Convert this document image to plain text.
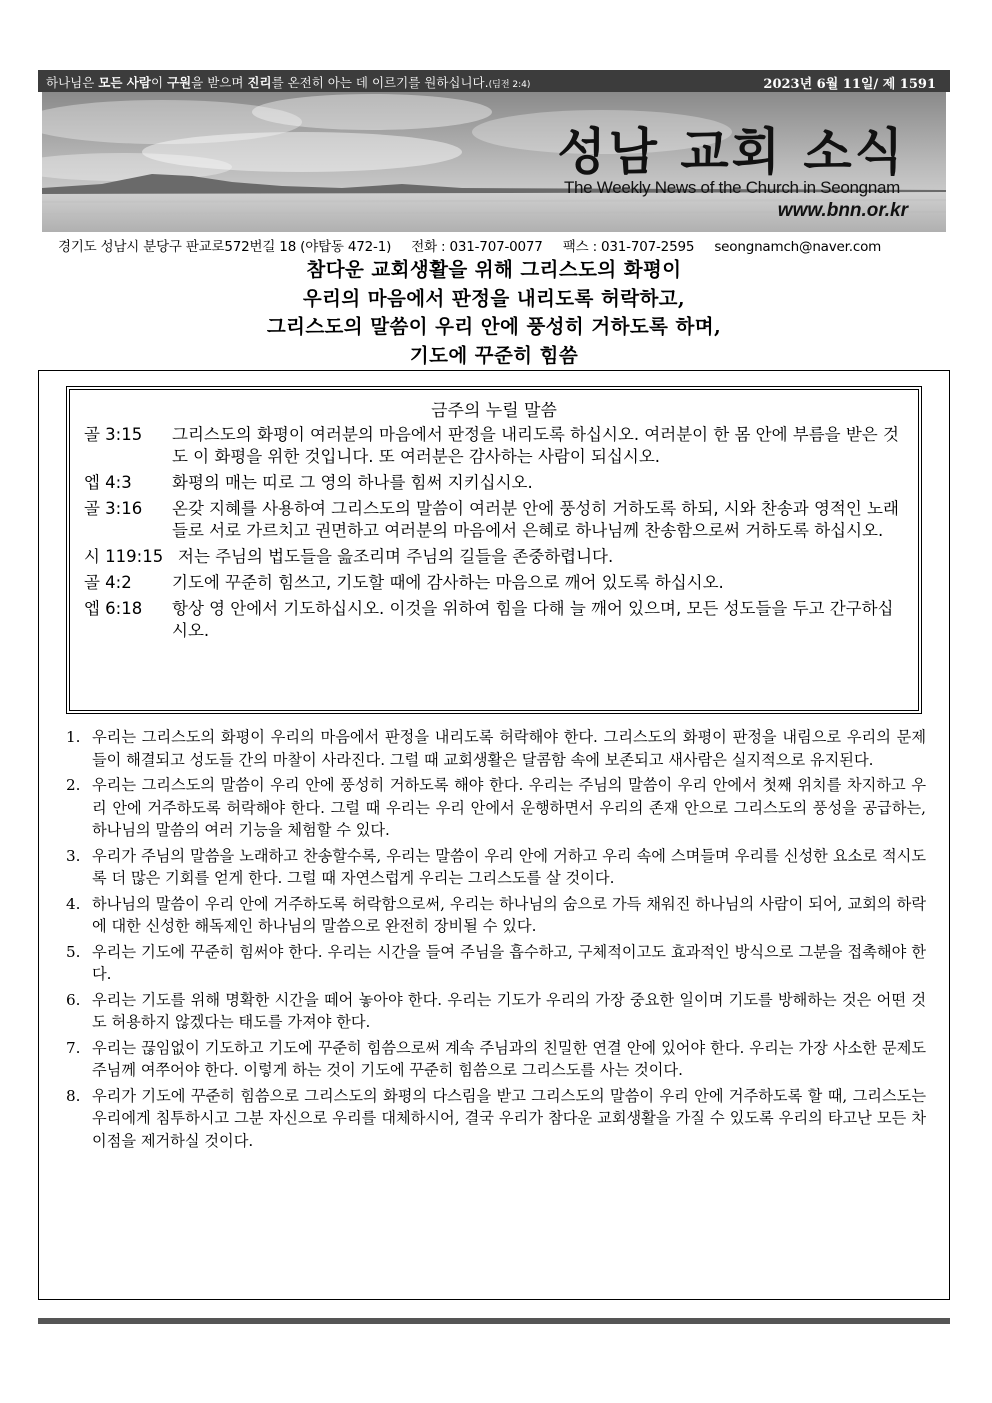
하나님은 모든 사람이 구원을 받으며 진리를 온전히 아는 데 이르기를 원하십니다.(딤전 2:4)	2023년 6월 11일/ 제 1591
성남 교회 소식
The Weekly News of the Church in Seongnam
www.bnn.or.kr
경기도 성남시 분당구 판교로572번길 18 (야탑동 472-1) 전화 : 031-707-0077 팩스 : 031-707-2595 seongnamch@naver.com
참다운 교회생활을 위해 그리스도의 화평이
우리의 마음에서 판정을 내리도록 허락하고,
그리스도의 말씀이 우리 안에 풍성히 거하도록 하며,
기도에 꾸준히 힘씀
금주의 누릴 말씀
골 3:15	그리스도의 화평이 여러분의 마음에서 판정을 내리도록 하십시오. 여러분이 한 몸 안에 부름을 받은 것도 이 화평을 위한 것입니다. 또 여러분은 감사하는 사람이 되십시오.
엡 4:3	화평의 매는 띠로 그 영의 하나를 힘써 지키십시오.
골 3:16	온갖 지혜를 사용하여 그리스도의 말씀이 여러분 안에 풍성히 거하도록 하되, 시와 찬송과 영적인 노래들로 서로 가르치고 권면하고 여러분의 마음에서 은혜로 하나님께 찬송함으로써 거하도록 하십시오.
시 119:15 저는 주님의 법도들을 읊조리며 주님의 길들을 존중하렵니다.
골 4:2	기도에 꾸준히 힘쓰고, 기도할 때에 감사하는 마음으로 깨어 있도록 하십시오.
엡 6:18	항상 영 안에서 기도하십시오. 이것을 위하여 힘을 다해 늘 깨어 있으며, 모든 성도들을 두고 간구하십시오.
1. 우리는 그리스도의 화평이 우리의 마음에서 판정을 내리도록 허락해야 한다. 그리스도의 화평이 판정을 내림으로 우리의 문제들이 해결되고 성도들 간의 마찰이 사라진다. 그럴 때 교회생활은 달콤함 속에 보존되고 새사람은 실지적으로 유지된다.
2. 우리는 그리스도의 말씀이 우리 안에 풍성히 거하도록 해야 한다. 우리는 주님의 말씀이 우리 안에서 첫째 위치를 차지하고 우리 안에 거주하도록 허락해야 한다. 그럴 때 우리는 우리 안에서 운행하면서 우리의 존재 안으로 그리스도의 풍성을 공급하는, 하나님의 말씀의 여러 기능을 체험할 수 있다.
3. 우리가 주님의 말씀을 노래하고 찬송할수록, 우리는 말씀이 우리 안에 거하고 우리 속에 스며들며 우리를 신성한 요소로 적시도록 더 많은 기회를 얻게 한다. 그럴 때 자연스럽게 우리는 그리스도를 살 것이다.
4. 하나님의 말씀이 우리 안에 거주하도록 허락함으로써, 우리는 하나님의 숨으로 가득 채워진 하나님의 사람이 되어, 교회의 하락에 대한 신성한 해독제인 하나님의 말씀으로 완전히 장비될 수 있다.
5. 우리는 기도에 꾸준히 힘써야 한다. 우리는 시간을 들여 주님을 흡수하고, 구체적이고도 효과적인 방식으로 그분을 접촉해야 한다.
6. 우리는 기도를 위해 명확한 시간을 떼어 놓아야 한다. 우리는 기도가 우리의 가장 중요한 일이며 기도를 방해하는 것은 어떤 것도 허용하지 않겠다는 태도를 가져야 한다.
7. 우리는 끊임없이 기도하고 기도에 꾸준히 힘씀으로써 계속 주님과의 친밀한 연결 안에 있어야 한다. 우리는 가장 사소한 문제도 주님께 여쭈어야 한다. 이렇게 하는 것이 기도에 꾸준히 힘씀으로 그리스도를 사는 것이다.
8. 우리가 기도에 꾸준히 힘씀으로 그리스도의 화평의 다스림을 받고 그리스도의 말씀이 우리 안에 거주하도록 할 때, 그리스도는 우리에게 침투하시고 그분 자신으로 우리를 대체하시어, 결국 우리가 참다운 교회생활을 가질 수 있도록 우리의 타고난 모든 차이점을 제거하실 것이다.
